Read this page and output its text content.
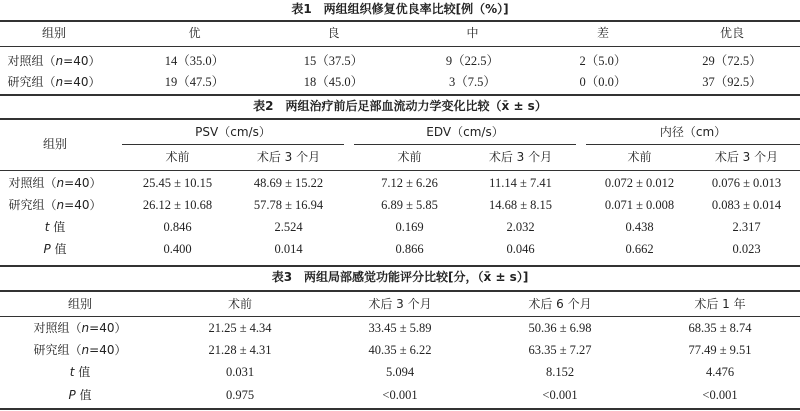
表1　两组组织修复优良率比较[例（%）]
组别	优	良	中	差	优良
对照组（n=40）	14（35.0）	15（37.5）	9（22.5）	2（5.0）	29（72.5）
研究组（n=40）	19（47.5）	18（45.0）	3（7.5）	0（0.0）	37（92.5）
表2　两组治疗前后足部血流动力学变化比较（x̄ ± s）
组别
PSV（cm/s）	EDV（cm/s）	内径（cm）
术前	术后 3 个月	术前	术后 3 个月	术前	术后 3 个月
对照组（n=40）	25.45 ± 10.15	48.69 ± 15.22	7.12 ± 6.26	11.14 ± 7.41	0.072 ± 0.012	0.076 ± 0.013
研究组（n=40）	26.12 ± 10.68	57.78 ± 16.94	6.89 ± 5.85	14.68 ± 8.15	0.071 ± 0.008	0.083 ± 0.014
t 值	0.846	2.524	0.169	2.032	0.438	2.317
P 值	0.400	0.014	0.866	0.046	0.662	0.023
表3　两组局部感觉功能评分比较[分，（x̄ ± s）]
组别	术前	术后 3 个月	术后 6 个月	术后 1 年
对照组（n=40）	21.25 ± 4.34	33.45 ± 5.89	50.36 ± 6.98	68.35 ± 8.74
研究组（n=40）	21.28 ± 4.31	40.35 ± 6.22	63.35 ± 7.27	77.49 ± 9.51
t 值	0.031	5.094	8.152	4.476
P 值	0.975	<0.001	<0.001	<0.001
